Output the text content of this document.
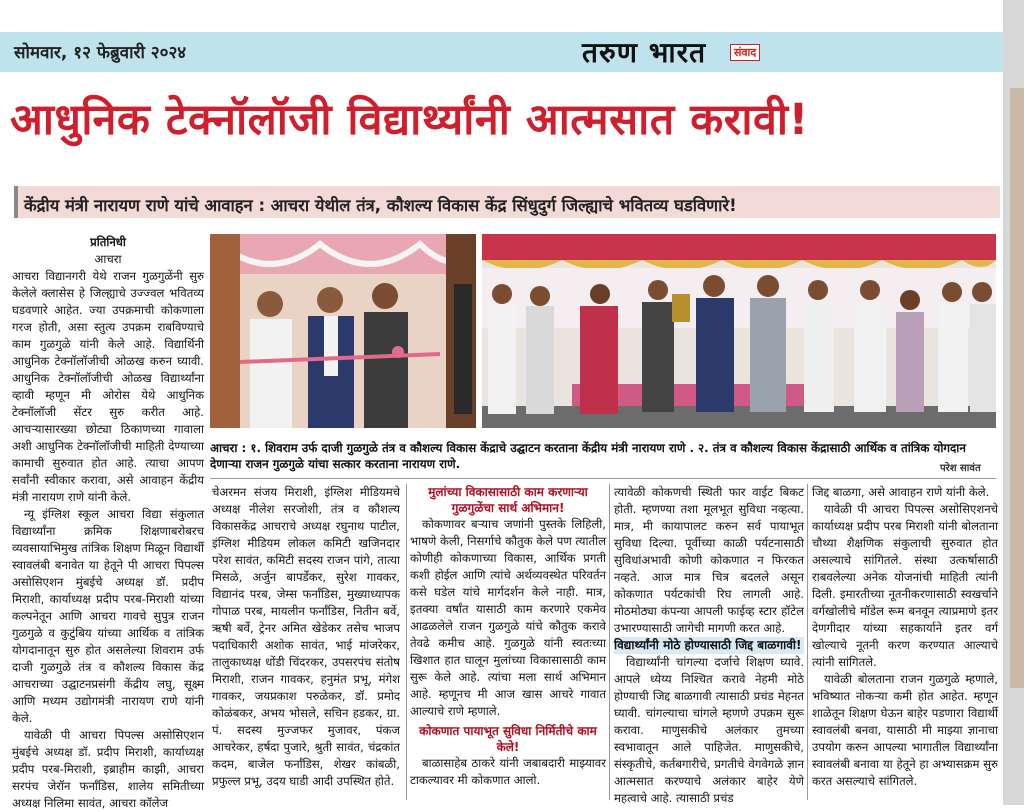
सोमवार, १२ फेब्रुवारी २०२४	तरुण भारत	संवाद
आधुनिक टेक्नॉलॉजी विद्यार्थ्यांनी आत्मसात करावी!
केंद्रीय मंत्री नारायण राणे यांचे आवाहन : आचरा येथील तंत्र, कौशल्य विकास केंद्र सिंधुदुर्ग जिल्ह्याचे भवितव्य घडविणारे!

प्रतिनिधी

आचरा

आचरा विद्यानगरी येथे राजन गुळगुळेंनी सुरु केलेले क्लासेस हे जिल्ह्याचे उज्ज्वल भवितव्य घडवणारे आहेत. ज्या उपक्रमाची कोकणाला गरज होती, असा स्तुत्य उपक्रम राबविण्याचे काम गुळगुळे यांनी केले आहे. विद्यार्थिनी आधुनिक टेक्नॉलॉजीची ओळख करुन घ्यावी. आधुनिक टेक्नॉलॉजीची ओळख विद्यार्थ्यांना व्हावी म्हणून मी ओरोस येथे आधुनिक टेक्नॉलॉजी सेंटर सुरु करीत आहे. आचऱ्यासारख्या छोट्या ठिकाणच्या गावाला अशी आधुनिक टेक्नॉलॉजीची माहिती देण्याच्या कामाची सुरुवात होत आहे. त्याचा आपण सर्वांनी स्वीकार करावा, असे आवाहन केंद्रीय मंत्री नारायण राणे यांनी केले.

न्यू इंग्लिश स्कूल आचरा विद्या संकुलात विद्यार्थ्यांना क्रमिक शिक्षणाबरोबरच व्यवसायाभिमुख तांत्रिक शिक्षण मिळून विद्यार्थी स्वावलंबी बनावेत या हेतूने पी आचरा पिपल्स असोसिएशन मुंबईचे अध्यक्ष डॉ. प्रदीप मिराशी, कार्याध्यक्ष प्रदीप परब-मिराशी यांच्या कल्पनेतून आणि आचरा गावचे सुपुत्र राजन गुळगुळे व कुटुंबिय यांच्या आर्थिक व तांत्रिक योगदानातून सुरु होत असलेल्या शिवराम उर्फ दाजी गुळगुळे तंत्र व कौशल्य विकास केंद्र आचराच्या उद्घाटनप्रसंगी केंद्रीय लघु, सूक्ष्म आणि मध्यम उद्योगमंत्री नारायण राणे यांनी केले.

यावेळी पी आचरा पिपल्स असोसिएशन मुंबईचे अध्यक्ष डॉ. प्रदीप मिराशी, कार्याध्यक्ष प्रदीप परब-मिराशी, इब्राहीम काझी, आचरा सरपंच जेरॉन फर्नांडिस, शालेय समितीच्या अध्यक्ष निलिमा सावंत, आचरा कॉलेज

आचरा : १. शिवराम उर्फ दाजी गुळगुळे तंत्र व कौशल्य विकास केंद्राचे उद्घाटन करताना केंद्रीय मंत्री नारायण राणे . २. तंत्र व कौशल्य विकास केंद्रासाठी आर्थिक व तांत्रिक योगदान देणाऱ्या राजन गुळगुळे यांचा सत्कार करताना नारायण राणे.	परेश सावंत

चेअरमन संजय मिराशी, इंग्लिश मीडियमचे अध्यक्ष नीलेश सरजोशी, तंत्र व कौशल्य विकासकेंद्र आचराचे अध्यक्ष रघुनाथ पाटील, इंग्लिश मीडियम लोकल कमिटी खजिनदार परेश सावंत, कमिटी सदस्य राजन पांगे, तात्या मिसळे, अर्जुन बापर्डेकर, सुरेश गावकर, विद्यानंद परब, जेम्स फर्नांडिस, मुख्याध्यापक गोपाळ परब, मायलीन फर्नांडिस, नितीन बर्वे, ऋषी बर्वे, ट्रेनर अमित खेडेकर तसेच भाजप पदाधिकारी अशोक सावंत, भाई मांजरेकर, तालुकाध्यक्ष धोंडी चिंदरकर, उपसरपंच संतोष मिराशी, राजन गावकर, हनुमंत प्रभू, मंगेश गावकर, जयप्रकाश परुळेकर, डॉ. प्रमोद कोळंबकर, अभय भोसले, सचिन हडकर, ग्रा. पं. सदस्य मुज्जफर मुजावर, पंकज आचरेकर, हर्षदा पुजारे, श्रुती सावंत, चंद्रकांत कदम, बाजेल फर्नांडिस, शेखर कांबळी, प्रफुल्ल प्रभू, उदय घाडी आदी उपस्थित होते.

मुलांच्या विकासासाठी काम करणाऱ्या गुळगुळेंचा सार्थ अभिमान!

कोकणावर बऱ्याच जणांनी पुस्तके लिहिली, भाषणे केली, निसर्गाचे कौतुक केले पण त्यातील कोणीही कोकणाच्या विकास, आर्थिक प्रगती कशी होईल आणि त्यांचे अर्थव्यवस्थेत परिवर्तन कसे घडेल यांचे मार्गदर्शन केले नाही. मात्र, इतक्या वर्षांत यासाठी काम करणारे एकमेव आढळलेले राजन गुळगुळे यांचे कौतुक करावे तेवढे कमीच आहे. गुळगुळे यांनी स्वतःच्या खिशात हात घालून मुलांच्या विकासासाठी काम सुरू केले आहे. त्यांचा मला सार्थ अभिमान आहे. म्हणूनच मी आज खास आचरे गावात आल्याचे राणे म्हणाले.

कोकणात पायाभूत सुविधा निर्मितीचे काम केले!

बाळासाहेब ठाकरे यांनी जबाबदारी माझ्यावर टाकल्यावर मी कोकणात आलो.

त्यावेळी कोकणची स्थिती फार वाईट बिकट होती. म्हणण्या तशा मूलभूत सुविधा नव्हत्या. मात्र, मी कायापालट करुन सर्व पायाभूत सुविधा दिल्या. पूर्वीच्या काळी पर्यटनासाठी सुविधांअभावी कोणी कोकणात न फिरकत नव्हते. आज मात्र चित्र बदलले असून कोकणात पर्यटकांची रिघ लागली आहे. मोठमोठ्या कंपन्या आपली फाईव्ह स्टार हॉटेल उभारण्यासाठी जागेची मागणी करत आहे.

विद्यार्थ्यांनी मोठे होण्यासाठी जिद्द बाळगावी!

विद्यार्थ्यांनी चांगल्या दर्जाचे शिक्षण घ्यावे. आपले ध्येय्य निश्चित करावे नेहमी मोठे होण्याची जिद्द बाळगावी त्यासाठी प्रचंड मेहनत घ्यावी. चांगल्याचा चांगले म्हणणे उपक्रम सुरू करावा. माणुसकीचे अलंकार तुमच्या स्वभावातून आले पाहिजेत. माणुसकीचे, संस्कृतीचे, कर्तबगारीचे, प्रगतीचे वेगवेगळे ज्ञान आत्मसात करण्याचे अलंकार बाहेर येणे महत्वाचे आहे. त्यासाठी प्रचंड

जिद्द बाळगा, असे आवाहन राणे यांनी केले.

यावेळी पी आचरा पिपल्स असोसिएशनचे कार्याध्यक्ष प्रदीप परब मिराशी यांनी बोलताना चौथ्या शैक्षणिक संकुलाची सुरुवात होत असल्याचे सांगितले. संस्था उत्कर्षासाठी राबवलेल्या अनेक योजनांची माहिती त्यांनी दिली. इमारतीच्या नूतनीकरणासाठी स्वखर्चाने वर्गखोलीचे मॉडेल रूम बनवून त्याप्रमाणे इतर देणगीदार यांच्या सहकार्याने इतर वर्ग खोल्याचे नूतनी करण करण्यात आल्याचे त्यांनी सांगितले.

यावेळी बोलताना राजन गुळगुळे म्हणाले, भविष्यात नोकऱ्या कमी होत आहेत. म्हणून शाळेतून शिक्षण घेऊन बाहेर पडणारा विद्यार्थी स्वावलंबी बनवा, यासाठी मी माझ्या ज्ञानाचा उपयोग करुन आपल्या भागातील विद्यार्थ्यांना स्वावलंबी बनावा या हेतूने हा अभ्यासक्रम सुरु करत असल्याचे सांगितले.
